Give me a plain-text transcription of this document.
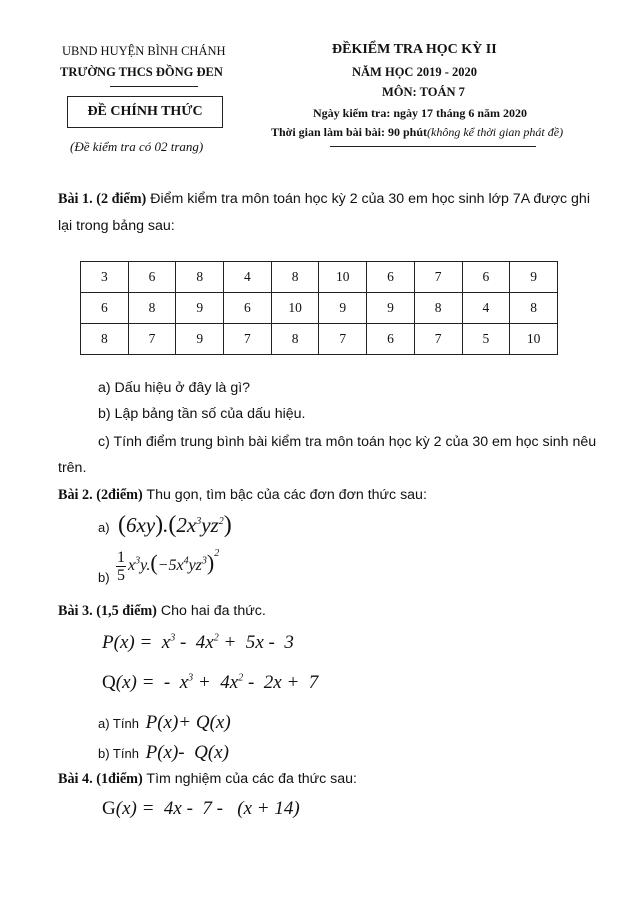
UBND HUYỆN BÌNH CHÁNH
TRƯỜNG THCS ĐỒNG ĐEN
ĐỀ CHÍNH THỨC
(Đề kiểm tra có 02 trang)
ĐỀKIỂM TRA HỌC KỲ II
NĂM HỌC 2019 - 2020
MÔN: TOÁN 7
Ngày kiểm tra: ngày 17 tháng 6 năm 2020
Thời gian làm bài bài: 90 phút(không kể thời gian phát đề)
Bài 1. (2 điểm) Điểm kiểm tra môn toán học kỳ 2 của 30 em học sinh lớp 7A được ghi
lại trong bảng sau:
3	6	8	4	8	10	6	7	6	9
6	8	9	6	10	9	9	8	4	8
8	7	9	7	8	7	6	7	5	10
a) Dấu hiệu ở đây là gì?
b) Lập bảng tần số của dấu hiệu.
c) Tính điểm trung bình bài kiểm tra môn toán học kỳ 2 của 30 em học sinh nêu
trên.
Bài 2. (2điểm) Thu gọn, tìm bậc của các đơn đơn thức sau:
a) $(6xy).(2x^3yz^2)$
$b) \frac{1}{5} x^3y.(-5x^4yz^3)^2$
Bài 3. (1,5 điểm) Cho hai đa thức.
$P(x) = x^3 - 4x^2 + 5x - 3$
Q(x) =  -  $x^3 + 4x^2 - 2x + 7$
a) Tính P(x)+ Q(x)
b) Tính P(x)-  Q(x)
Bài 4. (1điểm) Tìm nghiệm của các đa thức sau:
G(x) =  4x -  7 -   (x + 14)
